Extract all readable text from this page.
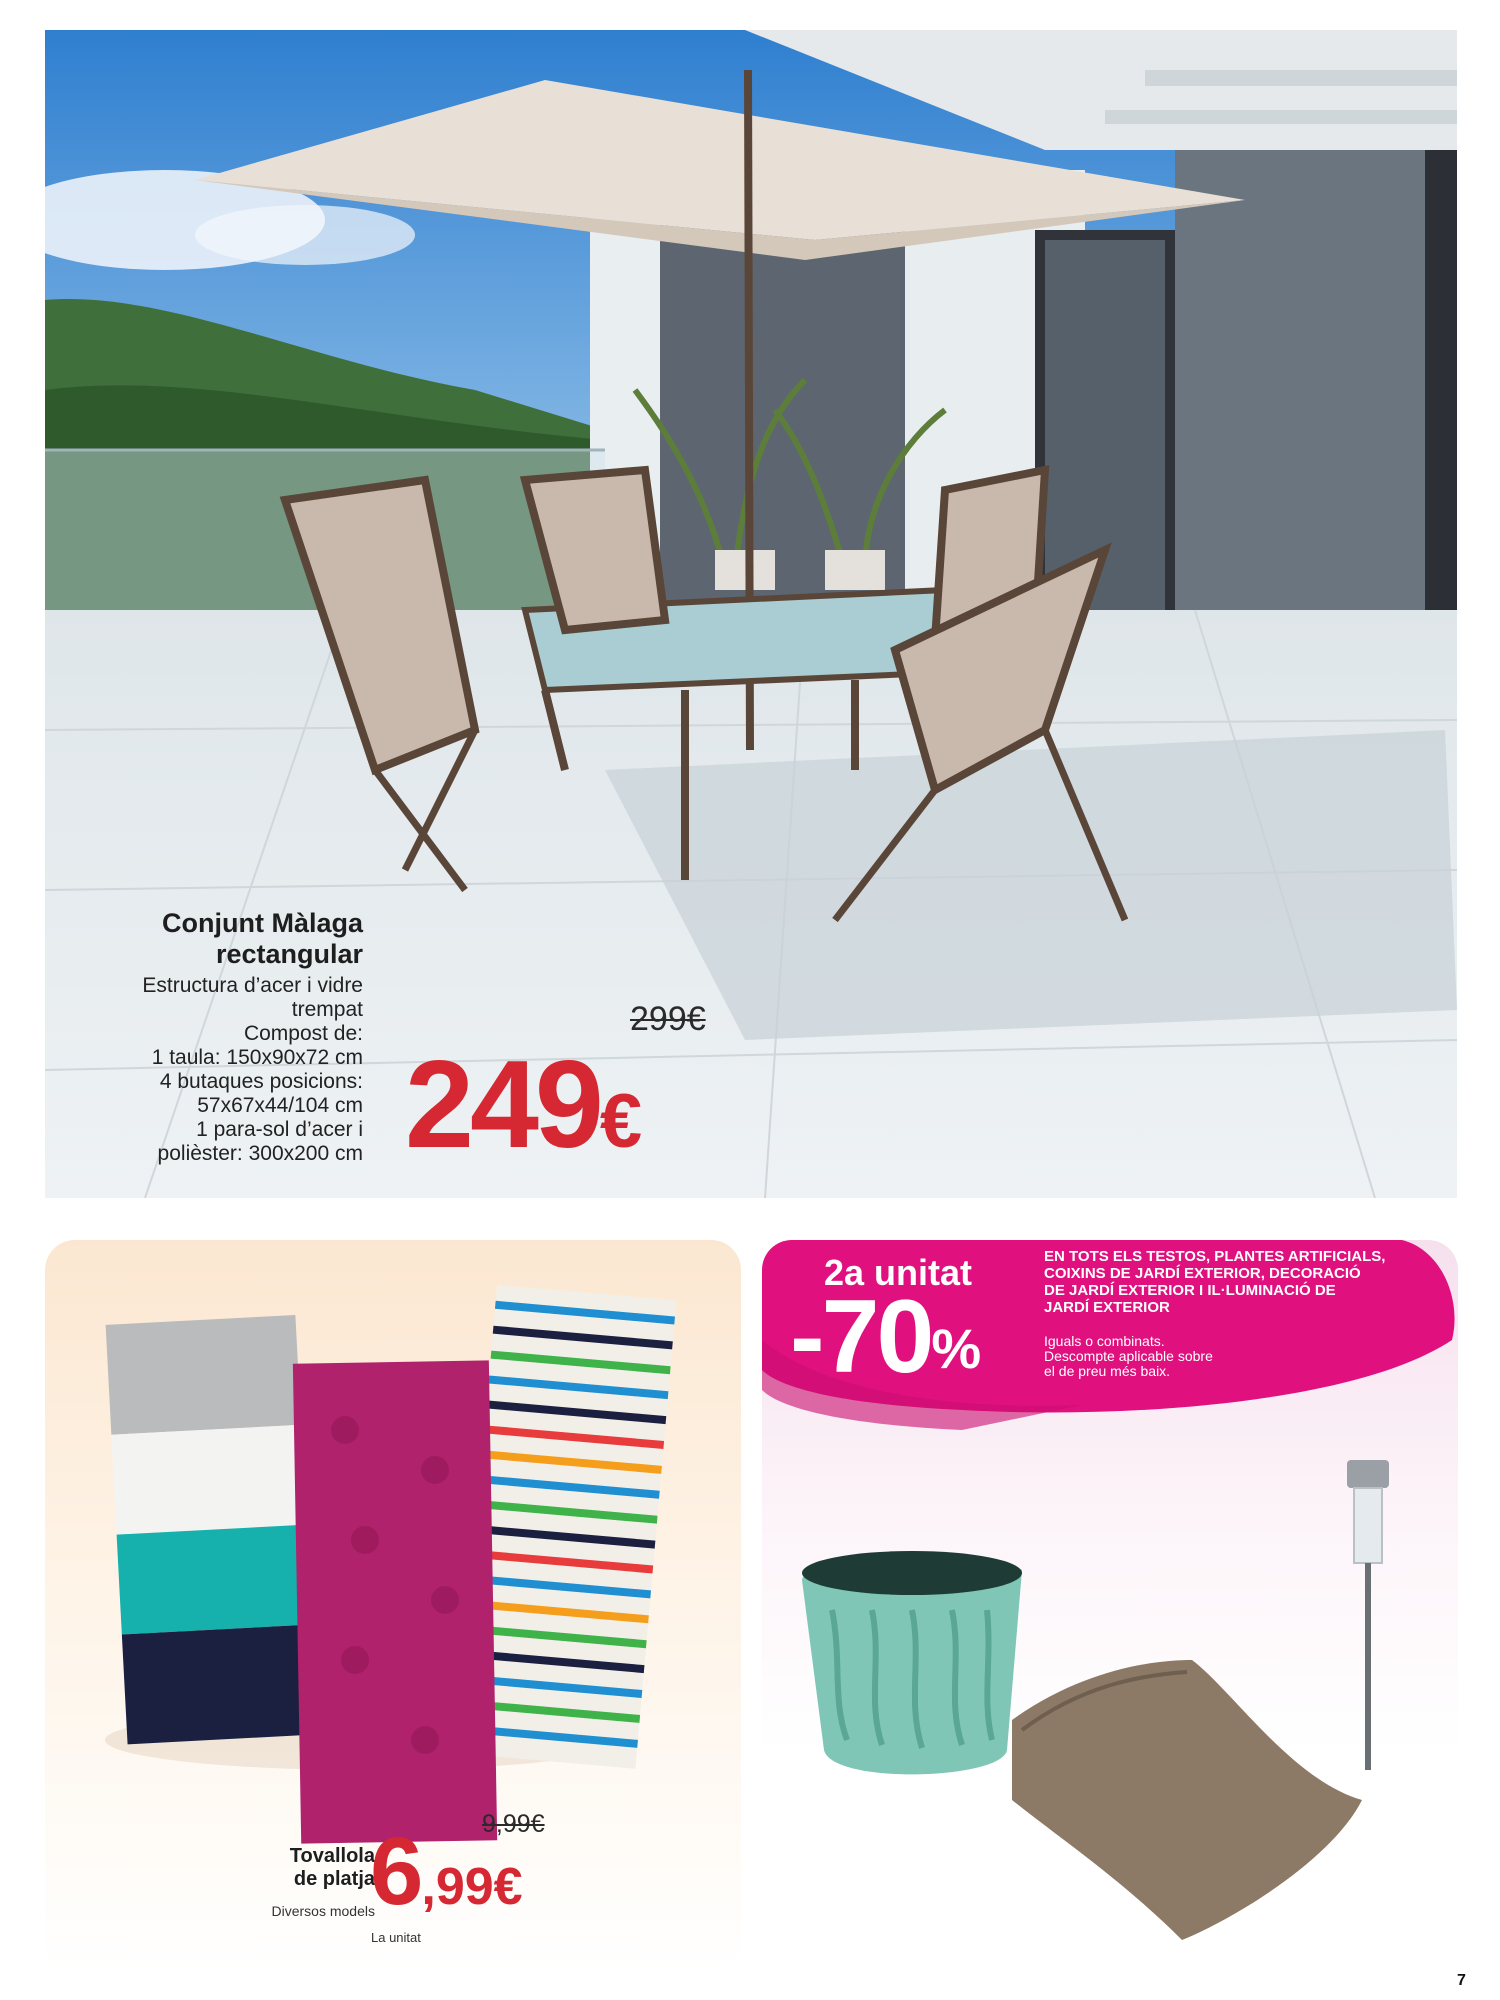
Conjunt Màlaga
rectangular
Estructura d’acer i vidre
trempat
Compost de:
1 taula: 150x90x72 cm
4 butaques posicions:
57x67x44/104 cm
1 para-sol d’acer i
polièster: 300x200 cm
299€
249€
Tovallola
de platja
Diversos models
9,99€
6,99€
La unitat
2a unitat
-70%
EN TOTS ELS TESTOS, PLANTES ARTIFICIALS,
COIXINS DE JARDÍ EXTERIOR, DECORACIÓ
DE JARDÍ EXTERIOR I IL·LUMINACIÓ DE
JARDÍ EXTERIOR
Iguals o combinats.
Descompte aplicable sobre
el de preu més baix.
7
